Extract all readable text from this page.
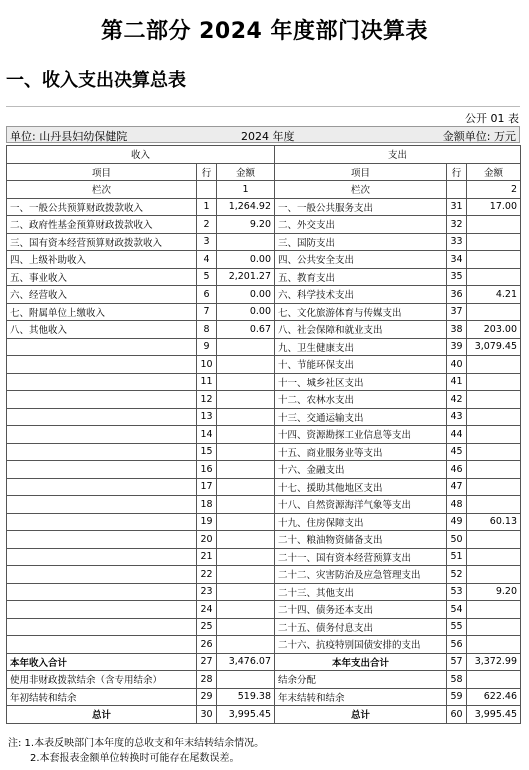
第二部分 2024 年度部门决算表
一、收入支出决算总表
公开 01 表
单位: 山丹县妇幼保健院	2024 年度	金额单位: 万元
收入			支出		
项目	行	金额	项目	行	金额
栏次		1	栏次		2
一、一般公共预算财政拨款收入	1	1,264.92	一、一般公共服务支出	31	17.00
二、政府性基金预算财政拨款收入	2	9.20	二、外交支出	32	
三、国有资本经营预算财政拨款收入	3		三、国防支出	33	
四、上级补助收入	4	0.00	四、公共安全支出	34	
五、事业收入	5	2,201.27	五、教育支出	35	
六、经营收入	6	0.00	六、科学技术支出	36	4.21
七、附属单位上缴收入	7	0.00	七、文化旅游体育与传媒支出	37	
八、其他收入	8	0.67	八、社会保障和就业支出	38	203.00
	9		九、卫生健康支出	39	3,079.45
	10		十、节能环保支出	40	
	11		十一、城乡社区支出	41	
	12		十二、农林水支出	42	
	13		十三、交通运输支出	43	
	14		十四、资源勘探工业信息等支出	44	
	15		十五、商业服务业等支出	45	
	16		十六、金融支出	46	
	17		十七、援助其他地区支出	47	
	18		十八、自然资源海洋气象等支出	48	
	19		十九、住房保障支出	49	60.13
	20		二十、粮油物资储备支出	50	
	21		二十一、国有资本经营预算支出	51	
	22		二十二、灾害防治及应急管理支出	52	
	23		二十三、其他支出	53	9.20
	24		二十四、债务还本支出	54	
	25		二十五、债务付息支出	55	
	26		二十六、抗疫特别国债安排的支出	56	
本年收入合计	27	3,476.07	本年支出合计	57	3,372.99
使用非财政拨款结余（含专用结余）	28		结余分配	58	
年初结转和结余	29	519.38	年末结转和结余	59	622.46
总计	30	3,995.45	总计	60	3,995.45
注: 1.本表反映部门本年度的总收支和年末结转结余情况。
2.本套报表金额单位转换时可能存在尾数误差。
